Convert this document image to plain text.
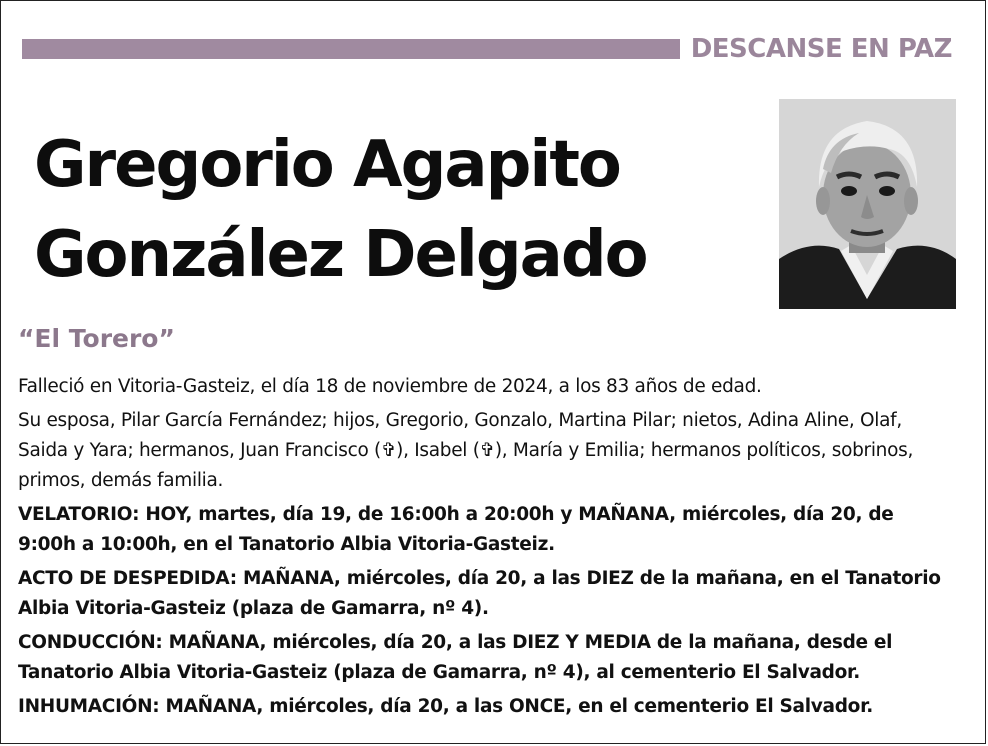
DESCANSE EN PAZ
Gregorio Agapito
González Delgado
“El Torero”

Falleció en Vitoria-Gasteiz, el día 18 de noviembre de 2024, a los 83 años de edad.

Su esposa, Pilar García Fernández; hijos, Gregorio, Gonzalo, Martina Pilar; nietos, Adina Aline, Olaf, Saida y Yara; hermanos, Juan Francisco (✞), Isabel (✞), María y Emilia; hermanos políticos, sobrinos, primos, demás familia.

VELATORIO: HOY, martes, día 19, de 16:00h a 20:00h y MAÑANA, miércoles, día 20, de 9:00h a 10:00h, en el Tanatorio Albia Vitoria-Gasteiz.

ACTO DE DESPEDIDA: MAÑANA, miércoles, día 20, a las DIEZ de la mañana, en el Tanatorio Albia Vitoria-Gasteiz (plaza de Gamarra, nº 4).

CONDUCCIÓN: MAÑANA, miércoles, día 20, a las DIEZ Y MEDIA de la mañana, desde el Tanatorio Albia Vitoria-Gasteiz (plaza de Gamarra, nº 4), al cementerio El Salvador.

INHUMACIÓN: MAÑANA, miércoles, día 20, a las ONCE, en el cementerio El Salvador.
